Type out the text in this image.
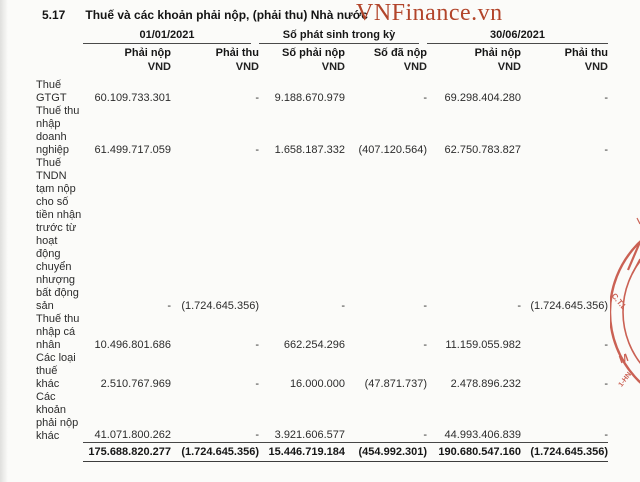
5.17 Thuế và các khoản phải nộp, (phải thu) Nhà nước
VNFinance.vn

	01/01/2021		Số phát sinh trong kỳ		30/06/2021	

	Phải nộp	Phải thu	Số phải nộp	Số đã nộp	Phải nộp	Phải thu
	VND	VND	VND	VND	VND	VND
Thuế GTGT	60.109.733.301	-	9.188.670.979	-	69.298.404.280	-
Thuế thu nhập doanh nghiệp	61.499.717.059	-	1.658.187.332	(407.120.564)	62.750.783.827	-
Thuế TNDN tạm nộp cho số tiền nhận trước từ hoạt động chuyển nhượng bất động sản	-	(1.724.645.356)	-	-	-	(1.724.645.356)
Thuế thu nhập cá nhân	10.496.801.686	-	662.254.296	-	11.159.055.982	-
Các loại thuế khác	2.510.767.969	-	16.000.000	(47.871.737)	2.478.896.232	-
Các khoản phải nộp khác	41.071.800.262	-	3.921.606.577	-	44.993.406.839	-

	175.688.820.277	(1.724.645.356)	15.446.719.184	(454.992.301)	190.680.547.160	(1.724.645.356)
C.T.L
M
1-HN
